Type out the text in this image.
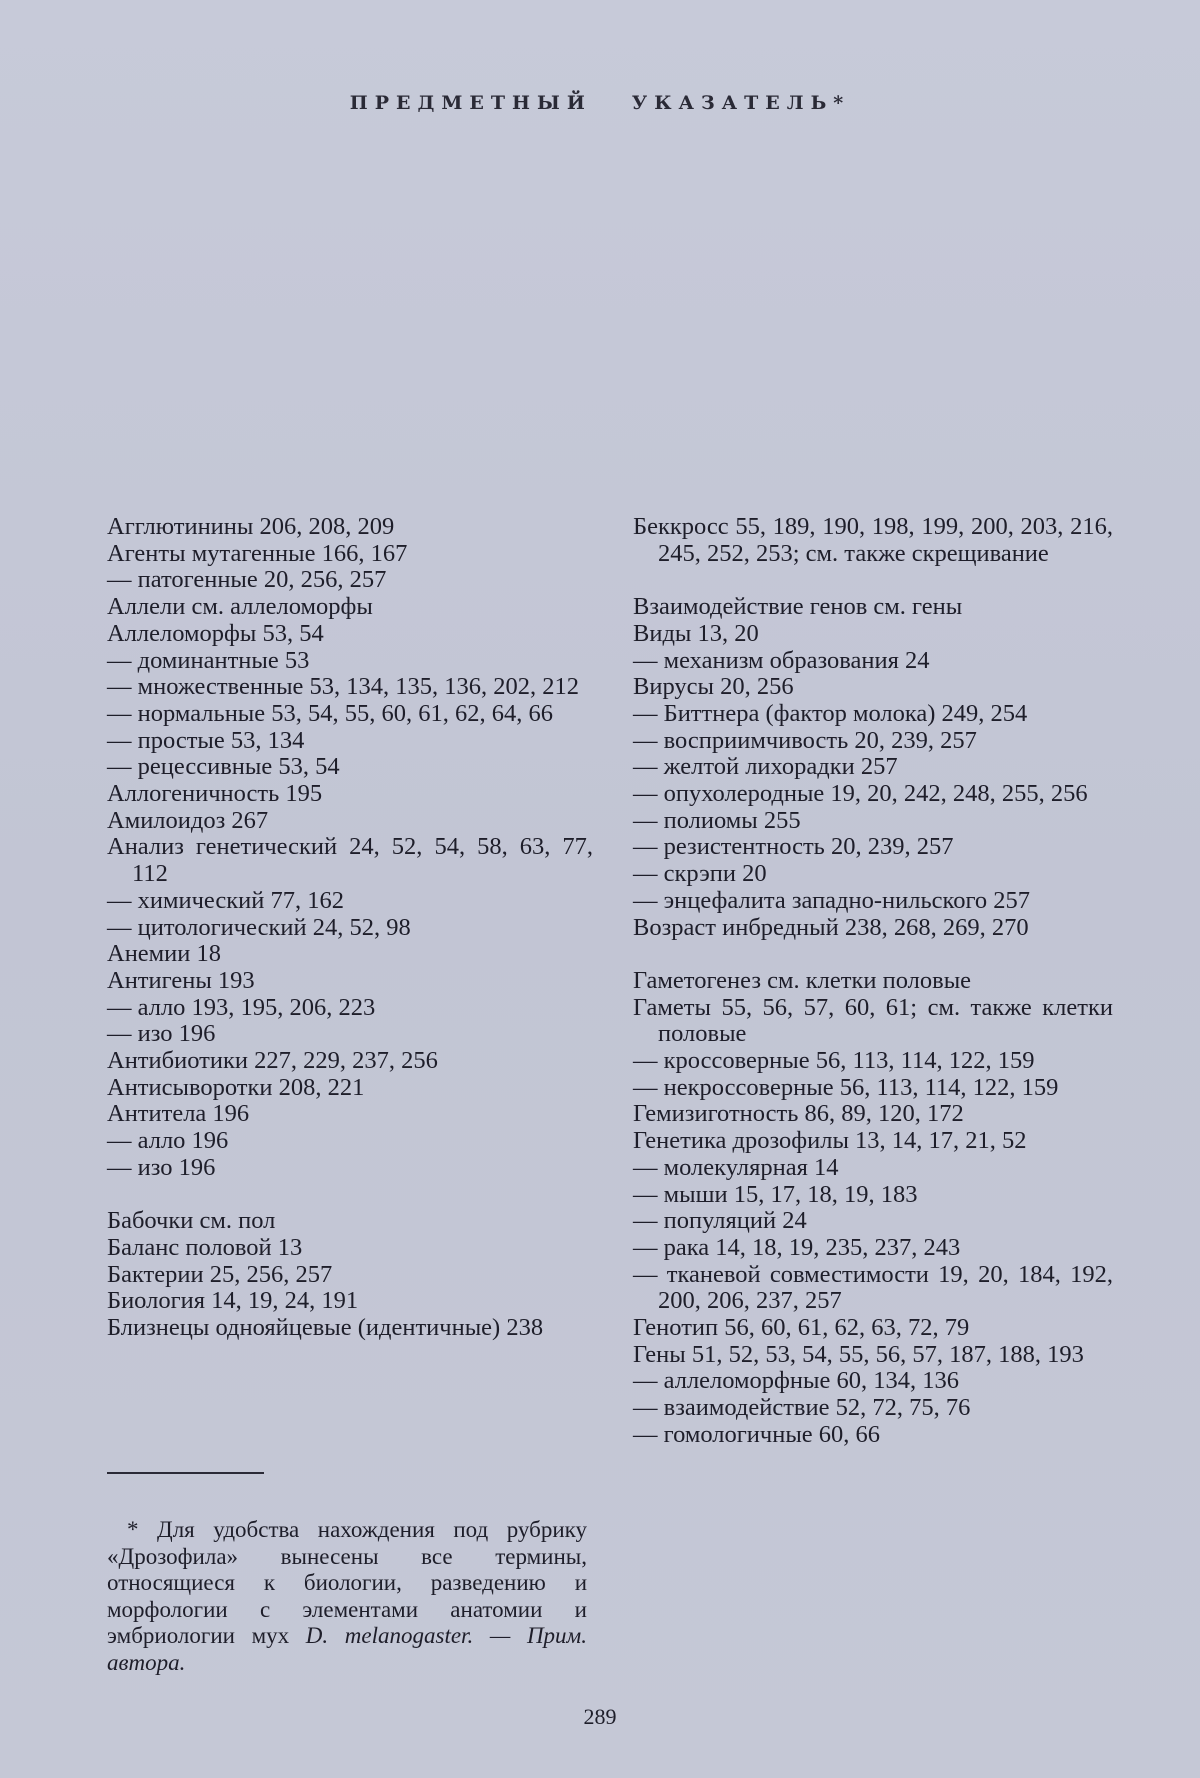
ПРЕДМЕТНЫЙ УКАЗАТЕЛЬ*

Агглютинины 206, 208, 209

Агенты мутагенные 166, 167

— патогенные 20, 256, 257

Аллели см. аллеломорфы

Аллеломорфы 53, 54

— доминантные 53

— множественные 53, 134, 135, 136, 202, 212

— нормальные 53, 54, 55, 60, 61, 62, 64, 66

— простые 53, 134

— рецессивные 53, 54

Аллогеничность 195

Амилоидоз 267

Анализ генетический 24, 52, 54, 58, 63, 77, 112

— химический 77, 162

— цитологический 24, 52, 98

Анемии 18

Антигены 193

— алло 193, 195, 206, 223

— изо 196

Антибиотики 227, 229, 237, 256

Антисыворотки 208, 221

Антитела 196

— алло 196

— изо 196

Бабочки см. пол

Баланс половой 13

Бактерии 25, 256, 257

Биология 14, 19, 24, 191

Близнецы однояйцевые (идентичные) 238

Беккросс 55, 189, 190, 198, 199, 200, 203, 216, 245, 252, 253; см. также скрещивание

Взаимодействие генов см. гены

Виды 13, 20

— механизм образования 24

Вирусы 20, 256

— Биттнера (фактор молока) 249, 254

— восприимчивость 20, 239, 257

— желтой лихорадки 257

— опухолеродные 19, 20, 242, 248, 255, 256

— полиомы 255

— резистентность 20, 239, 257

— скрэпи 20

— энцефалита западно-нильского 257

Возраст инбредный 238, 268, 269, 270

Гаметогенез см. клетки половые

Гаметы 55, 56, 57, 60, 61; см. также клетки половые

— кроссоверные 56, 113, 114, 122, 159

— некроссоверные 56, 113, 114, 122, 159

Гемизиготность 86, 89, 120, 172

Генетика дрозофилы 13, 14, 17, 21, 52

— молекулярная 14

— мыши 15, 17, 18, 19, 183

— популяций 24

— рака 14, 18, 19, 235, 237, 243

— тканевой совместимости 19, 20, 184, 192, 200, 206, 237, 257

Генотип 56, 60, 61, 62, 63, 72, 79

Гены 51, 52, 53, 54, 55, 56, 57, 187, 188, 193

— аллеломорфные 60, 134, 136

— взаимодействие 52, 72, 75, 76

— гомологичные 60, 66

* Для удобства нахождения под рубрику «Дрозофила» вынесены все термины, относящиеся к биологии, разведению и морфологии с элементами анатомии и эмбриологии мух D. melanogaster. — Прим. автора.
289
